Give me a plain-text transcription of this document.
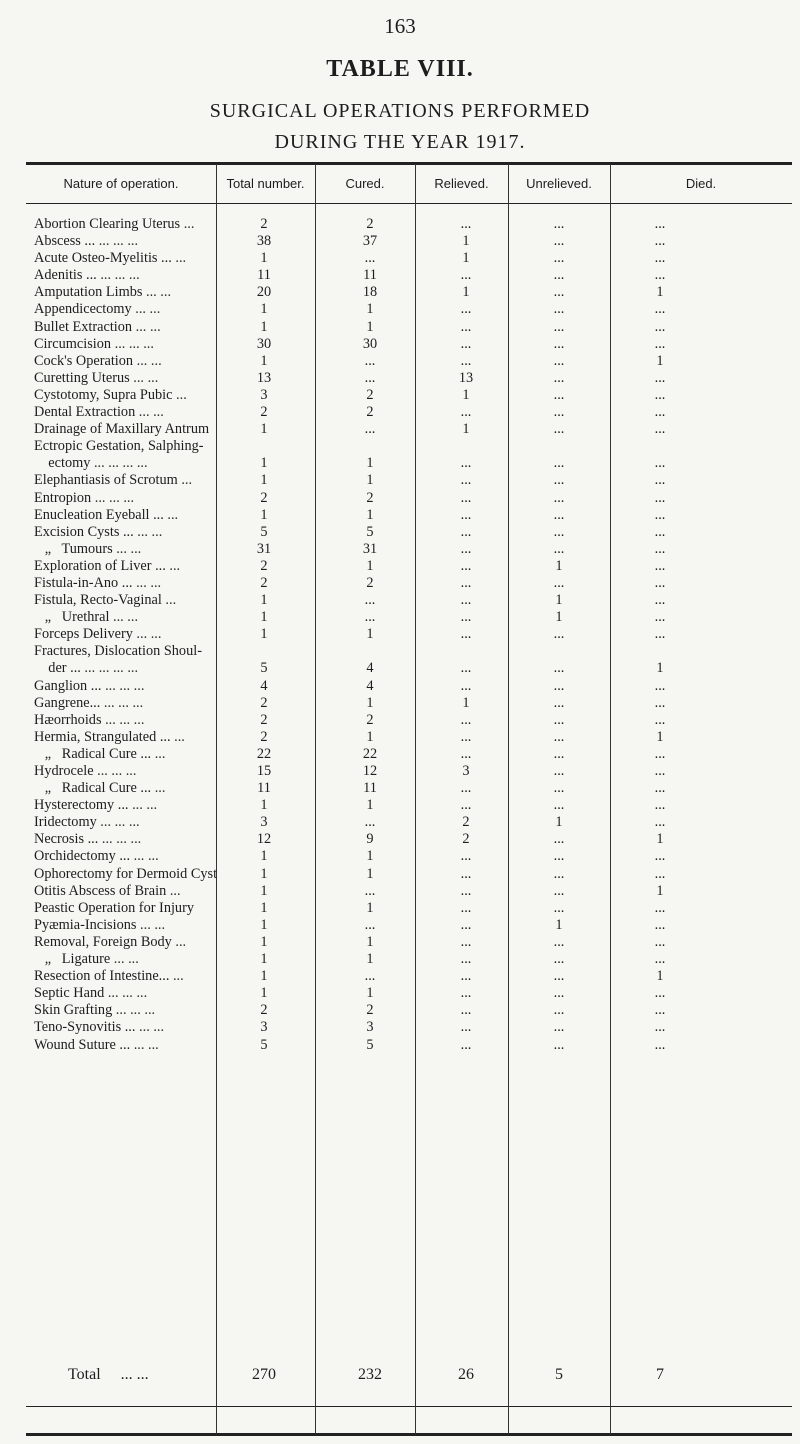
163
TABLE VIII.
SURGICAL OPERATIONS PERFORMED
DURING THE YEAR 1917.
Nature of operation.	Total number.	Cured.	Relieved.	Unrelieved.	Died.
Abortion Clearing Uterus ...	2	2	...	...	...
Abscess ... ... ... ...	38	37	1	...	...
Acute Osteo-Myelitis ... ...	1	...	1	...	...
Adenitis ... ... ... ...	11	11	...	...	...
Amputation Limbs ... ...	20	18	1	...	1
Appendicectomy ... ...	1	1	...	...	...
Bullet Extraction ... ...	1	1	...	...	...
Circumcision ... ... ...	30	30	...	...	...
Cock's Operation ... ...	1	...	...	...	1
Curetting Uterus ... ...	13	...	13	...	...
Cystotomy, Supra Pubic ...	3	2	1	...	...
Dental Extraction ... ...	2	2	...	...	...
Drainage of Maxillary Antrum	1	...	1	...	...
Ectropic Gestation, Salphing-
ectomy ... ... ... ...	1	1	...	...	...
Elephantiasis of Scrotum ...	1	1	...	...	...
Entropion ... ... ...	2	2	...	...	...
Enucleation Eyeball ... ...	1	1	...	...	...
Excision Cysts ... ... ...	5	5	...	...	...
„   Tumours ... ...	31	31	...	...	...
Exploration of Liver ... ...	2	1	...	1	...
Fistula-in-Ano ... ... ...	2	2	...	...	...
Fistula, Recto-Vaginal ...	1	...	...	1	...
„   Urethral ... ...	1	...	...	1	...
Forceps Delivery ... ...	1	1	...	...	...
Fractures, Dislocation Shoul-
der ... ... ... ... ...	5	4	...	...	1
Ganglion ... ... ... ...	4	4	...	...	...
Gangrene... ... ... ...	2	1	1	...	...
Hæorrhoids ... ... ...	2	2	...	...	...
Hermia, Strangulated ... ...	2	1	...	...	1
„   Radical Cure ... ...	22	22	...	...	...
Hydrocele ... ... ...	15	12	3	...	...
„   Radical Cure ... ...	11	11	...	...	...
Hysterectomy ... ... ...	1	1	...	...	...
Iridectomy ... ... ...	3	...	2	1	...
Necrosis ... ... ... ...	12	9	2	...	1
Orchidectomy ... ... ...	1	1	...	...	...
Ophorectomy for Dermoid Cyst	1	1	...	...	...
Otitis Abscess of Brain ...	1	...	...	...	1
Peastic Operation for Injury	1	1	...	...	...
Pyæmia-Incisions ... ...	1	...	...	1	...
Removal, Foreign Body ...	1	1	...	...	...
„   Ligature ... ...	1	1	...	...	...
Resection of Intestine... ...	1	...	...	...	1
Septic Hand ... ... ...	1	1	...	...	...
Skin Grafting ... ... ...	2	2	...	...	...
Teno-Synovitis ... ... ...	3	3	...	...	...
Wound Suture ... ... ...	5	5	...	...	...
Total ... ...	270	232	26	5	7
